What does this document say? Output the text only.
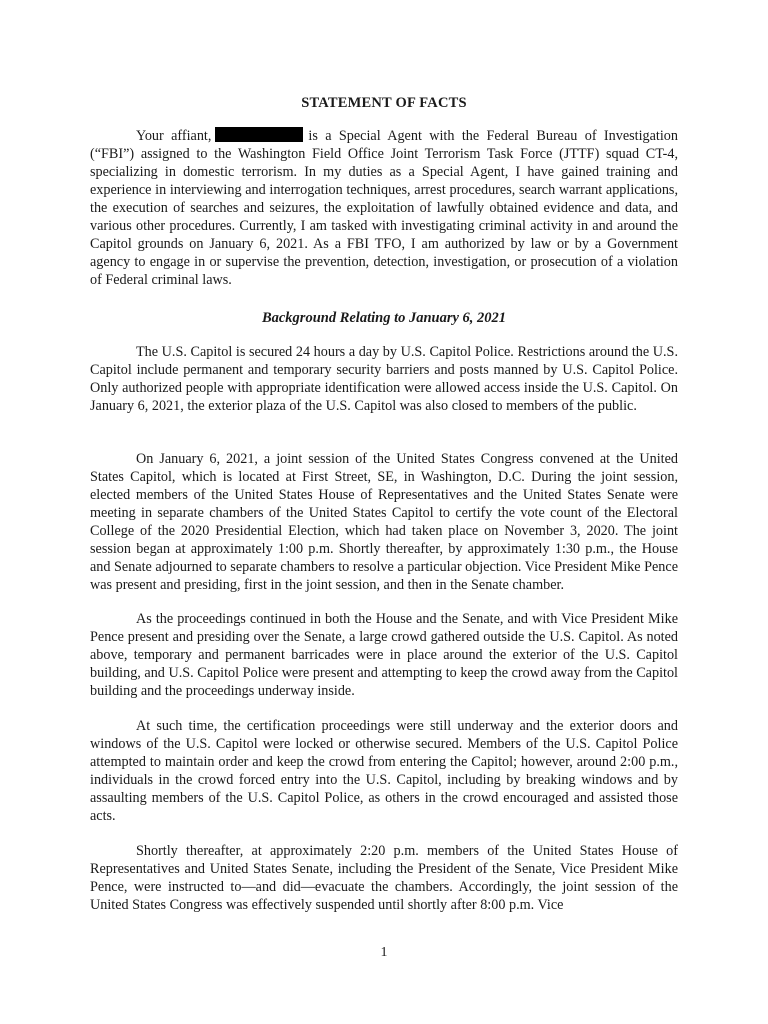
STATEMENT OF FACTS

Your affiant,	is a Special Agent with the Federal Bureau of Investigation (“FBI”) assigned to the Washington Field Office Joint Terrorism Task Force (JTTF) squad CT-4, specializing in domestic terrorism. In my duties as a Special Agent, I have gained training and experience in interviewing and interrogation techniques, arrest procedures, search warrant applications, the execution of searches and seizures, the exploitation of lawfully obtained evidence and data, and various other procedures. Currently, I am tasked with investigating criminal activity in and around the Capitol grounds on January 6, 2021. As a FBI TFO, I am authorized by law or by a Government agency to engage in or supervise the prevention, detection, investigation, or prosecution of a violation of Federal criminal laws.

Background Relating to January 6, 2021

The U.S. Capitol is secured 24 hours a day by U.S. Capitol Police. Restrictions around the U.S. Capitol include permanent and temporary security barriers and posts manned by U.S. Capitol Police. Only authorized people with appropriate identification were allowed access inside the U.S. Capitol. On January 6, 2021, the exterior plaza of the U.S. Capitol was also closed to members of the public.

On January 6, 2021, a joint session of the United States Congress convened at the United States Capitol, which is located at First Street, SE, in Washington, D.C. During the joint session, elected members of the United States House of Representatives and the United States Senate were meeting in separate chambers of the United States Capitol to certify the vote count of the Electoral College of the 2020 Presidential Election, which had taken place on November 3, 2020. The joint session began at approximately 1:00 p.m. Shortly thereafter, by approximately 1:30 p.m., the House and Senate adjourned to separate chambers to resolve a particular objection. Vice President Mike Pence was present and presiding, first in the joint session, and then in the Senate chamber.

As the proceedings continued in both the House and the Senate, and with Vice President Mike Pence present and presiding over the Senate, a large crowd gathered outside the U.S. Capitol. As noted above, temporary and permanent barricades were in place around the exterior of the U.S. Capitol building, and U.S. Capitol Police were present and attempting to keep the crowd away from the Capitol building and the proceedings underway inside.

At such time, the certification proceedings were still underway and the exterior doors and windows of the U.S. Capitol were locked or otherwise secured. Members of the U.S. Capitol Police attempted to maintain order and keep the crowd from entering the Capitol; however, around 2:00 p.m., individuals in the crowd forced entry into the U.S. Capitol, including by breaking windows and by assaulting members of the U.S. Capitol Police, as others in the crowd encouraged and assisted those acts.

Shortly thereafter, at approximately 2:20 p.m. members of the United States House of Representatives and United States Senate, including the President of the Senate, Vice President Mike Pence, were instructed to—and did—evacuate the chambers. Accordingly, the joint session of the United States Congress was effectively suspended until shortly after 8:00 p.m. Vice

1
